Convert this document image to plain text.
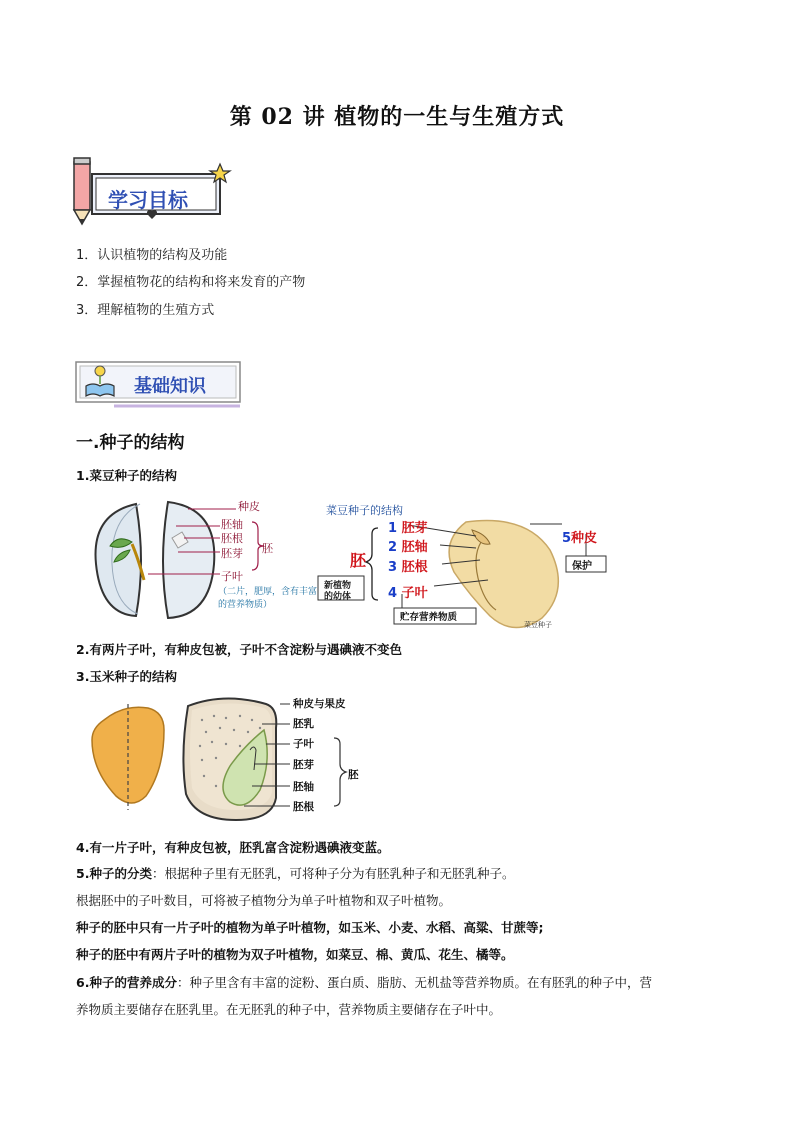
第 02 讲 植物的一生与生殖方式
学习目标
1．认识植物的结构及功能
2．掌握植物花的结构和将来发育的产物
3．理解植物的生殖方式
基础知识
一.种子的结构
1.菜豆种子的结构
种皮
胚轴
胚根
胚芽
子叶
胚
（二片，肥厚，含有丰富
的营养物质）
菜豆种子的结构
胚
新植物
的幼体
1 胚芽
2 胚轴
3 胚根
4 子叶
5种皮
保护
贮存营养物质
菜豆种子
2.有两片子叶，有种皮包被，子叶不含淀粉与遇碘液不变色
3.玉米种子的结构
种皮与果皮
胚乳
子叶
胚芽
胚轴
胚根
胚
4.有一片子叶，有种皮包被，胚乳富含淀粉遇碘液变蓝。
5.种子的分类：根据种子里有无胚乳，可将种子分为有胚乳种子和无胚乳种子。
根据胚中的子叶数目，可将被子植物分为单子叶植物和双子叶植物。
种子的胚中只有一片子叶的植物为单子叶植物，如玉米、小麦、水稻、高粱、甘蔗等;
种子的胚中有两片子叶的植物为双子叶植物，如菜豆、棉、黄瓜、花生、橘等。
6.种子的营养成分：种子里含有丰富的淀粉、蛋白质、脂肪、无机盐等营养物质。在有胚乳的种子中，营
养物质主要储存在胚乳里。在无胚乳的种子中，营养物质主要储存在子叶中。
